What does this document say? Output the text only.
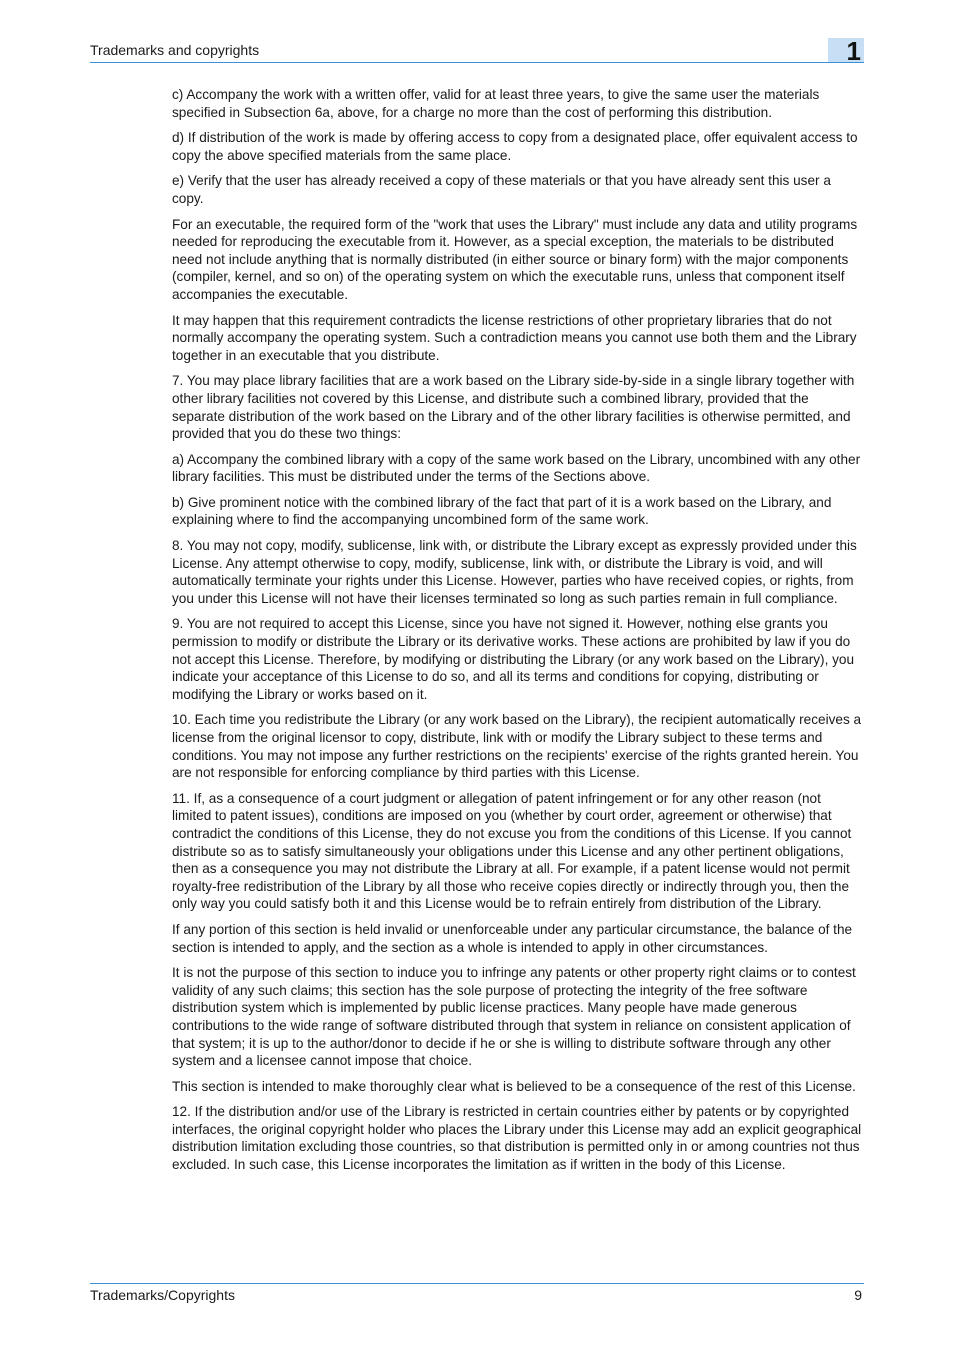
Trademarks and copyrights	1

c) Accompany the work with a written offer, valid for at least three years, to give the same user the materials specified in Subsection 6a, above, for a charge no more than the cost of performing this distribution.

d) If distribution of the work is made by offering access to copy from a designated place, offer equivalent access to copy the above specified materials from the same place.

e) Verify that the user has already received a copy of these materials or that you have already sent this user a copy.

For an executable, the required form of the "work that uses the Library" must include any data and utility programs needed for reproducing the executable from it. However, as a special exception, the materials to be distributed need not include anything that is normally distributed (in either source or binary form) with the major components (compiler, kernel, and so on) of the operating system on which the executable runs, unless that component itself accompanies the executable.

It may happen that this requirement contradicts the license restrictions of other proprietary libraries that do not normally accompany the operating system. Such a contradiction means you cannot use both them and the Library together in an executable that you distribute.

7. You may place library facilities that are a work based on the Library side-by-side in a single library together with other library facilities not covered by this License, and distribute such a combined library, provided that the separate distribution of the work based on the Library and of the other library facilities is otherwise permitted, and provided that you do these two things:

a) Accompany the combined library with a copy of the same work based on the Library, uncombined with any other library facilities. This must be distributed under the terms of the Sections above.

b) Give prominent notice with the combined library of the fact that part of it is a work based on the Library, and explaining where to find the accompanying uncombined form of the same work.

8. You may not copy, modify, sublicense, link with, or distribute the Library except as expressly provided under this License. Any attempt otherwise to copy, modify, sublicense, link with, or distribute the Library is void, and will automatically terminate your rights under this License. However, parties who have received copies, or rights, from you under this License will not have their licenses terminated so long as such parties remain in full compliance.

9. You are not required to accept this License, since you have not signed it. However, nothing else grants you permission to modify or distribute the Library or its derivative works. These actions are prohibited by law if you do not accept this License. Therefore, by modifying or distributing the Library (or any work based on the Library), you indicate your acceptance of this License to do so, and all its terms and conditions for copying, distributing or modifying the Library or works based on it.

10. Each time you redistribute the Library (or any work based on the Library), the recipient automatically receives a license from the original licensor to copy, distribute, link with or modify the Library subject to these terms and conditions. You may not impose any further restrictions on the recipients' exercise of the rights granted herein. You are not responsible for enforcing compliance by third parties with this License.

11. If, as a consequence of a court judgment or allegation of patent infringement or for any other reason (not limited to patent issues), conditions are imposed on you (whether by court order, agreement or otherwise) that contradict the conditions of this License, they do not excuse you from the conditions of this License. If you cannot distribute so as to satisfy simultaneously your obligations under this License and any other pertinent obligations, then as a consequence you may not distribute the Library at all. For example, if a patent license would not permit royalty-free redistribution of the Library by all those who receive copies directly or indirectly through you, then the only way you could satisfy both it and this License would be to refrain entirely from distribution of the Library.

If any portion of this section is held invalid or unenforceable under any particular circumstance, the balance of the section is intended to apply, and the section as a whole is intended to apply in other circumstances.

It is not the purpose of this section to induce you to infringe any patents or other property right claims or to contest validity of any such claims; this section has the sole purpose of protecting the integrity of the free software distribution system which is implemented by public license practices. Many people have made generous contributions to the wide range of software distributed through that system in reliance on consistent application of that system; it is up to the author/donor to decide if he or she is willing to distribute software through any other system and a licensee cannot impose that choice.

This section is intended to make thoroughly clear what is believed to be a consequence of the rest of this License.

12. If the distribution and/or use of the Library is restricted in certain countries either by patents or by copyrighted interfaces, the original copyright holder who places the Library under this License may add an explicit geographical distribution limitation excluding those countries, so that distribution is permitted only in or among countries not thus excluded. In such case, this License incorporates the limitation as if written in the body of this License.

Trademarks/Copyrights	9
